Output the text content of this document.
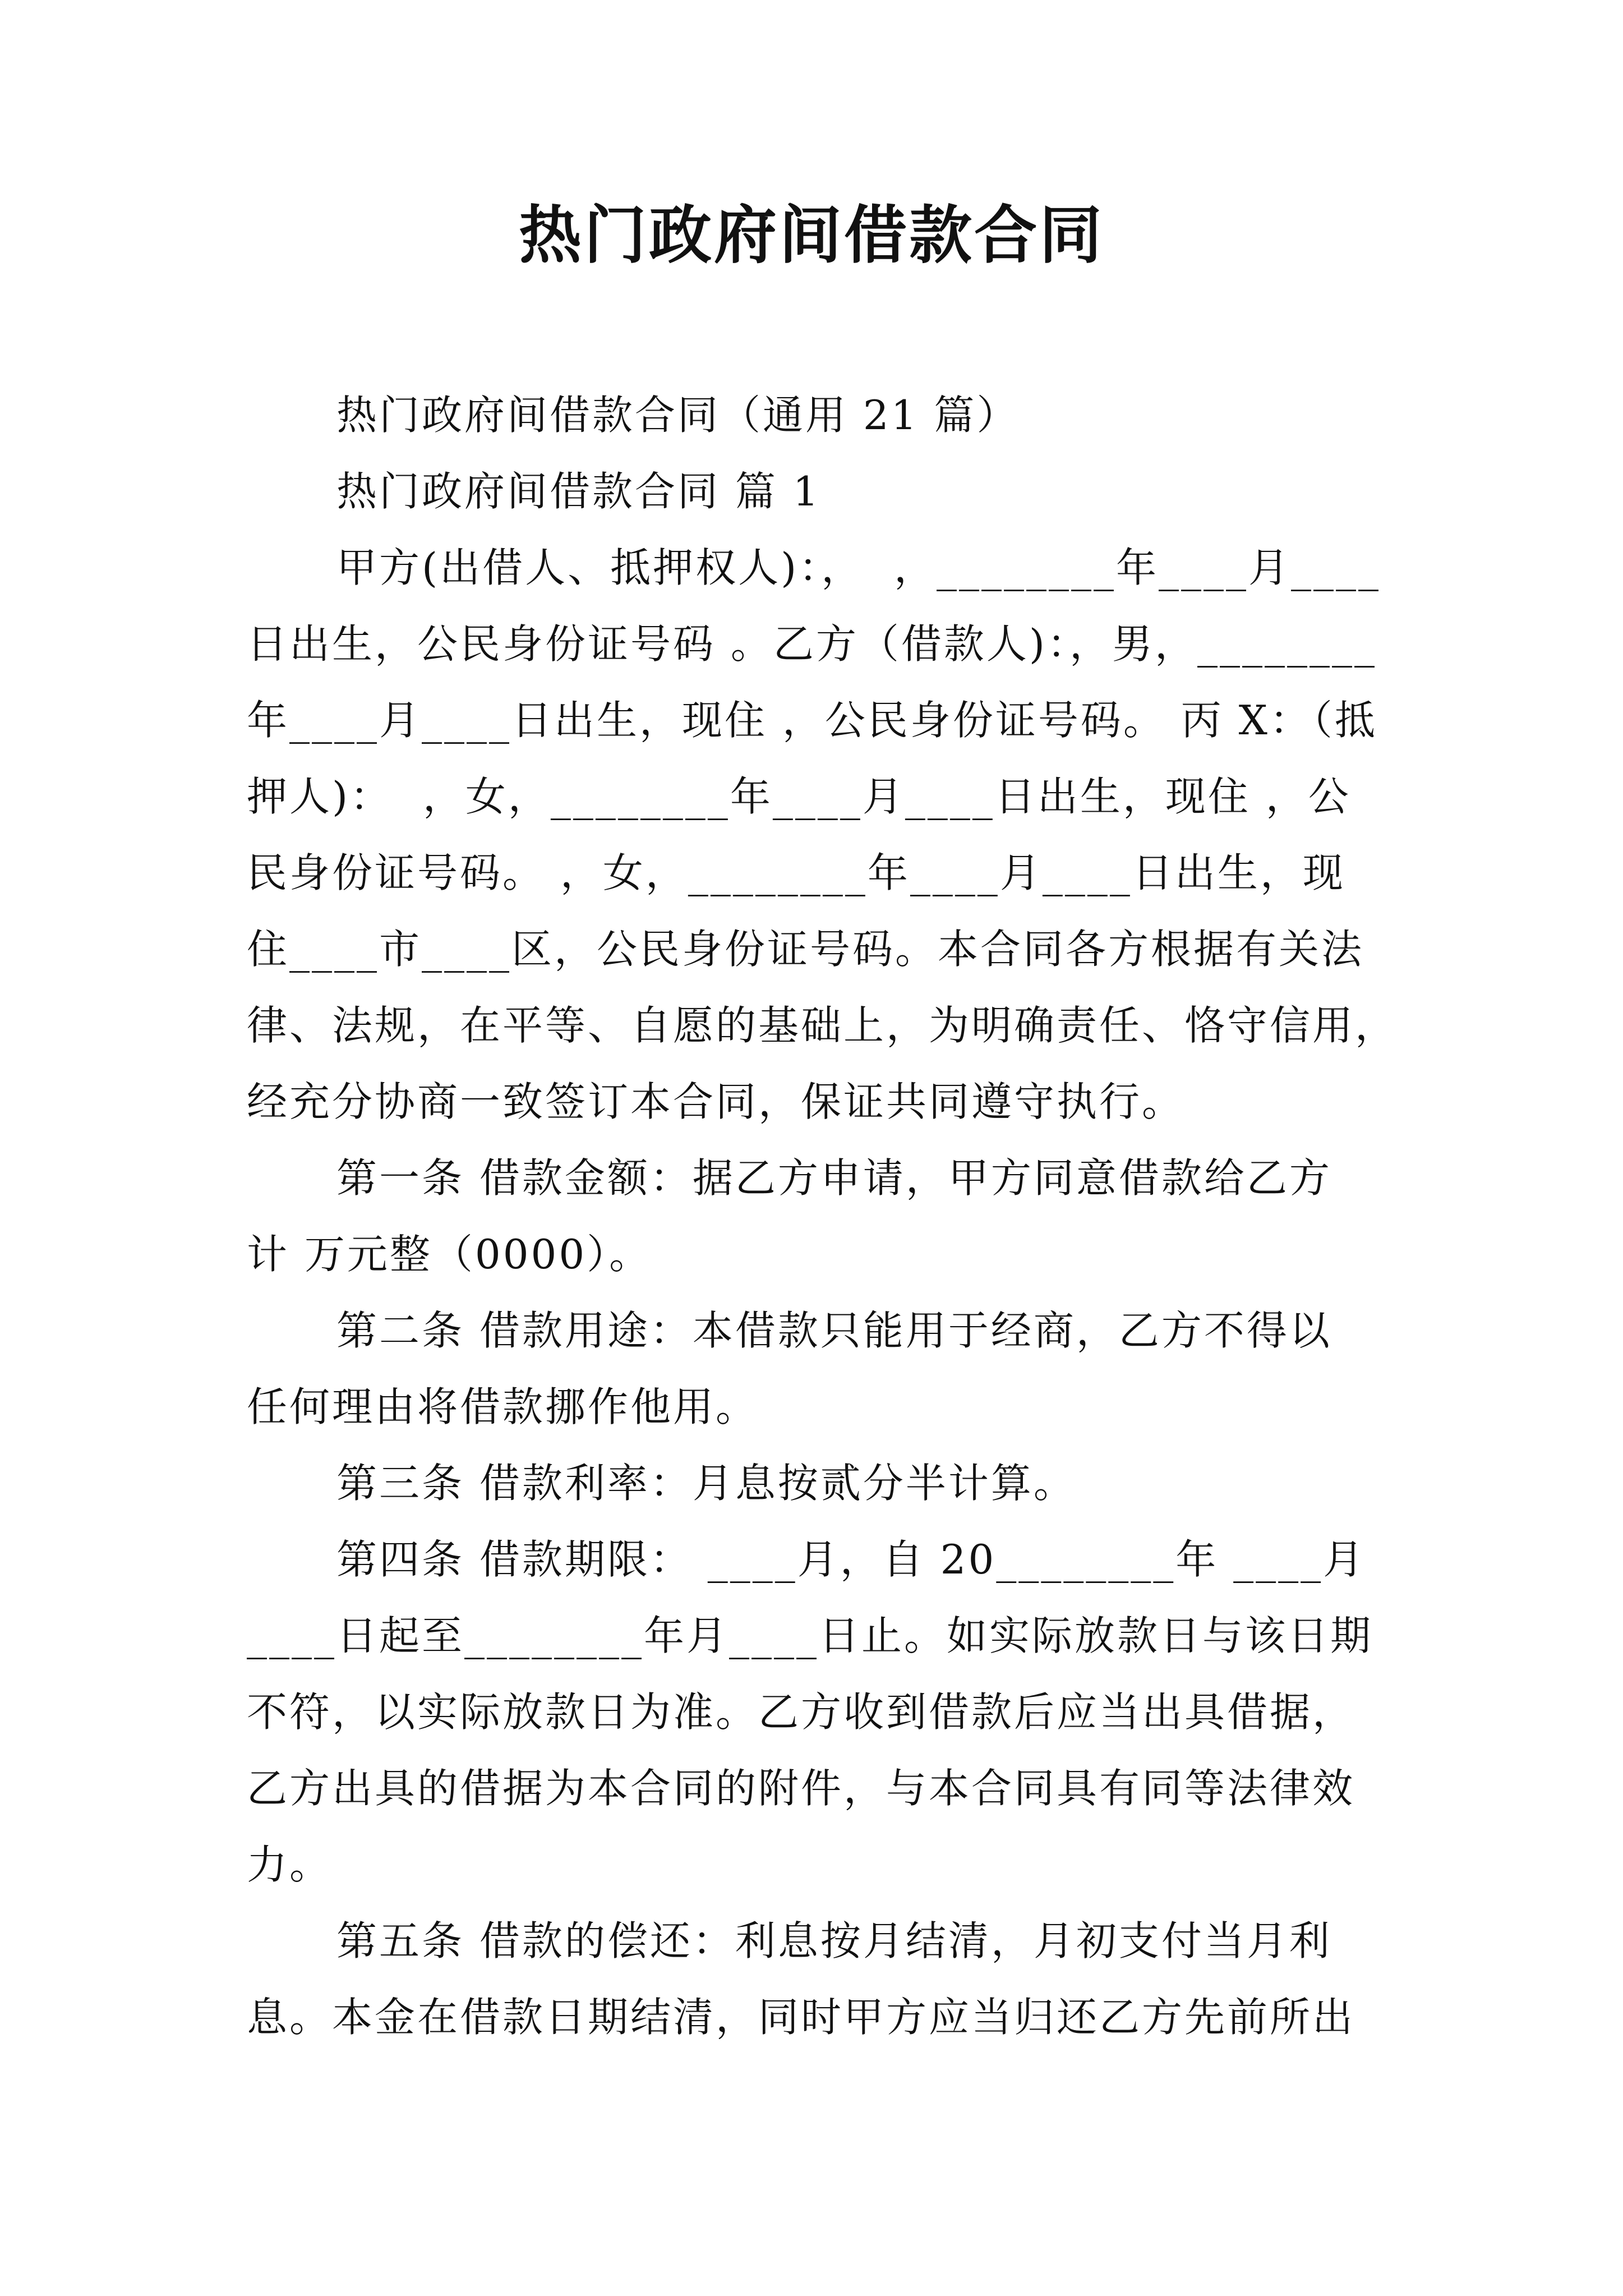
热门政府间借款合同
热门政府间借款合同（通用 21 篇）
热门政府间借款合同 篇 1
甲方(出借人、抵押权人)：，  ，________年____月____
日出生，公民身份证号码 。乙方（借款人)：，男，________
年____月____日出生，现住 ，公民身份证号码。 丙 X：（抵
押人)：  ，女，________年____月____日出生，现住 ，公
民身份证号码。 ，女，________年____月____日出生，现
住____市____区，公民身份证号码。本合同各方根据有关法
律、法规，在平等、自愿的基础上，为明确责任、恪守信用，
经充分协商一致签订本合同，保证共同遵守执行。
第一条 借款金额：据乙方申请，甲方同意借款给乙方
计 万元整（0000）。
第二条 借款用途：本借款只能用于经商，乙方不得以
任何理由将借款挪作他用。
第三条 借款利率：月息按贰分半计算。
第四条 借款期限： ____月，自 20________年 ____月
____日起至________年月____日止。如实际放款日与该日期
不符，以实际放款日为准。乙方收到借款后应当出具借据，
乙方出具的借据为本合同的附件，与本合同具有同等法律效
力。
第五条 借款的偿还：利息按月结清，月初支付当月利
息。本金在借款日期结清，同时甲方应当归还乙方先前所出
